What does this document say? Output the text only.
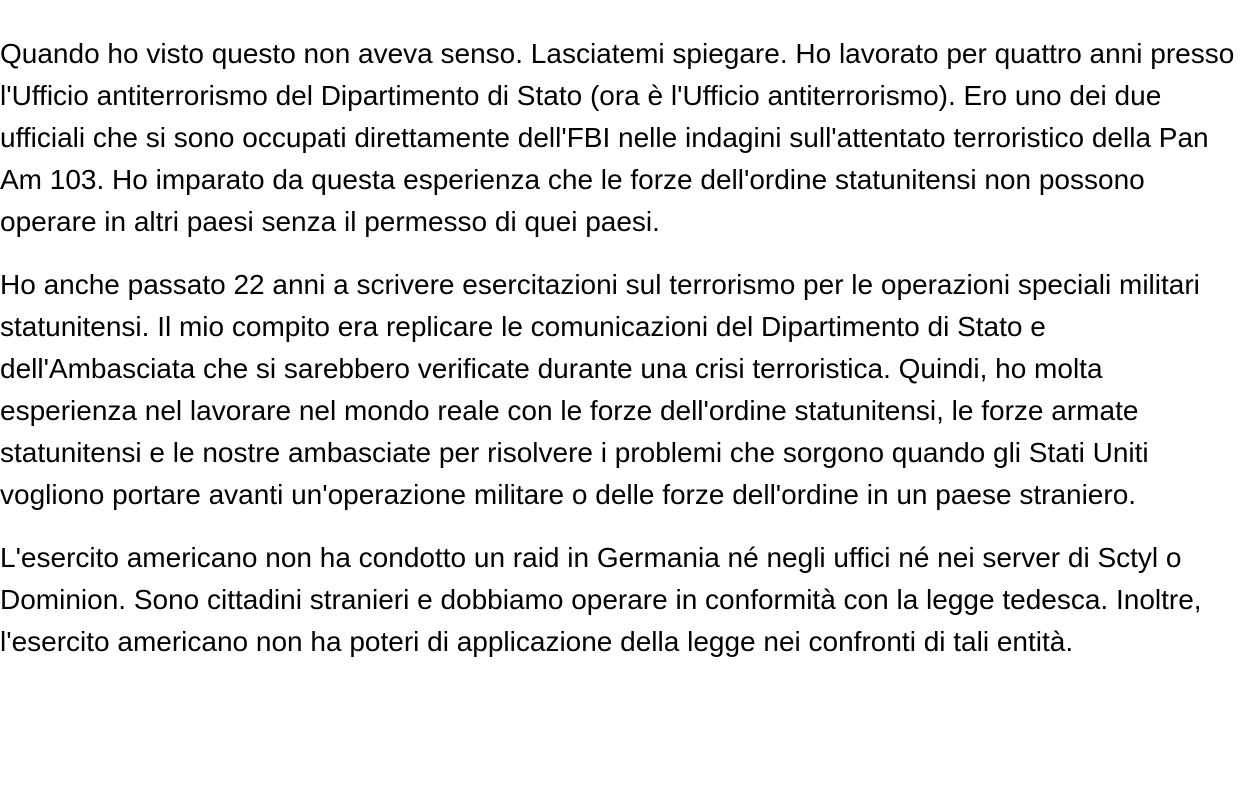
Quando ho visto questo non aveva senso. Lasciatemi spiegare. Ho lavorato per quattro anni presso l'Ufficio antiterrorismo del Dipartimento di Stato (ora è l'Ufficio antiterrorismo). Ero uno dei due ufficiali che si sono occupati direttamente dell'FBI nelle indagini sull'attentato terroristico della Pan Am 103. Ho imparato da questa esperienza che le forze dell'ordine statunitensi non possono operare in altri paesi senza il permesso di quei paesi.

Ho anche passato 22 anni a scrivere esercitazioni sul terrorismo per le operazioni speciali militari statunitensi. Il mio compito era replicare le comunicazioni del Dipartimento di Stato e dell'Ambasciata che si sarebbero verificate durante una crisi terroristica. Quindi, ho molta esperienza nel lavorare nel mondo reale con le forze dell'ordine statunitensi, le forze armate statunitensi e le nostre ambasciate per risolvere i problemi che sorgono quando gli Stati Uniti vogliono portare avanti un'operazione militare o delle forze dell'ordine in un paese straniero.

L'esercito americano non ha condotto un raid in Germania né negli uffici né nei server di Sctyl o Dominion. Sono cittadini stranieri e dobbiamo operare in conformità con la legge tedesca. Inoltre, l'esercito americano non ha poteri di applicazione della legge nei confronti di tali entità.
